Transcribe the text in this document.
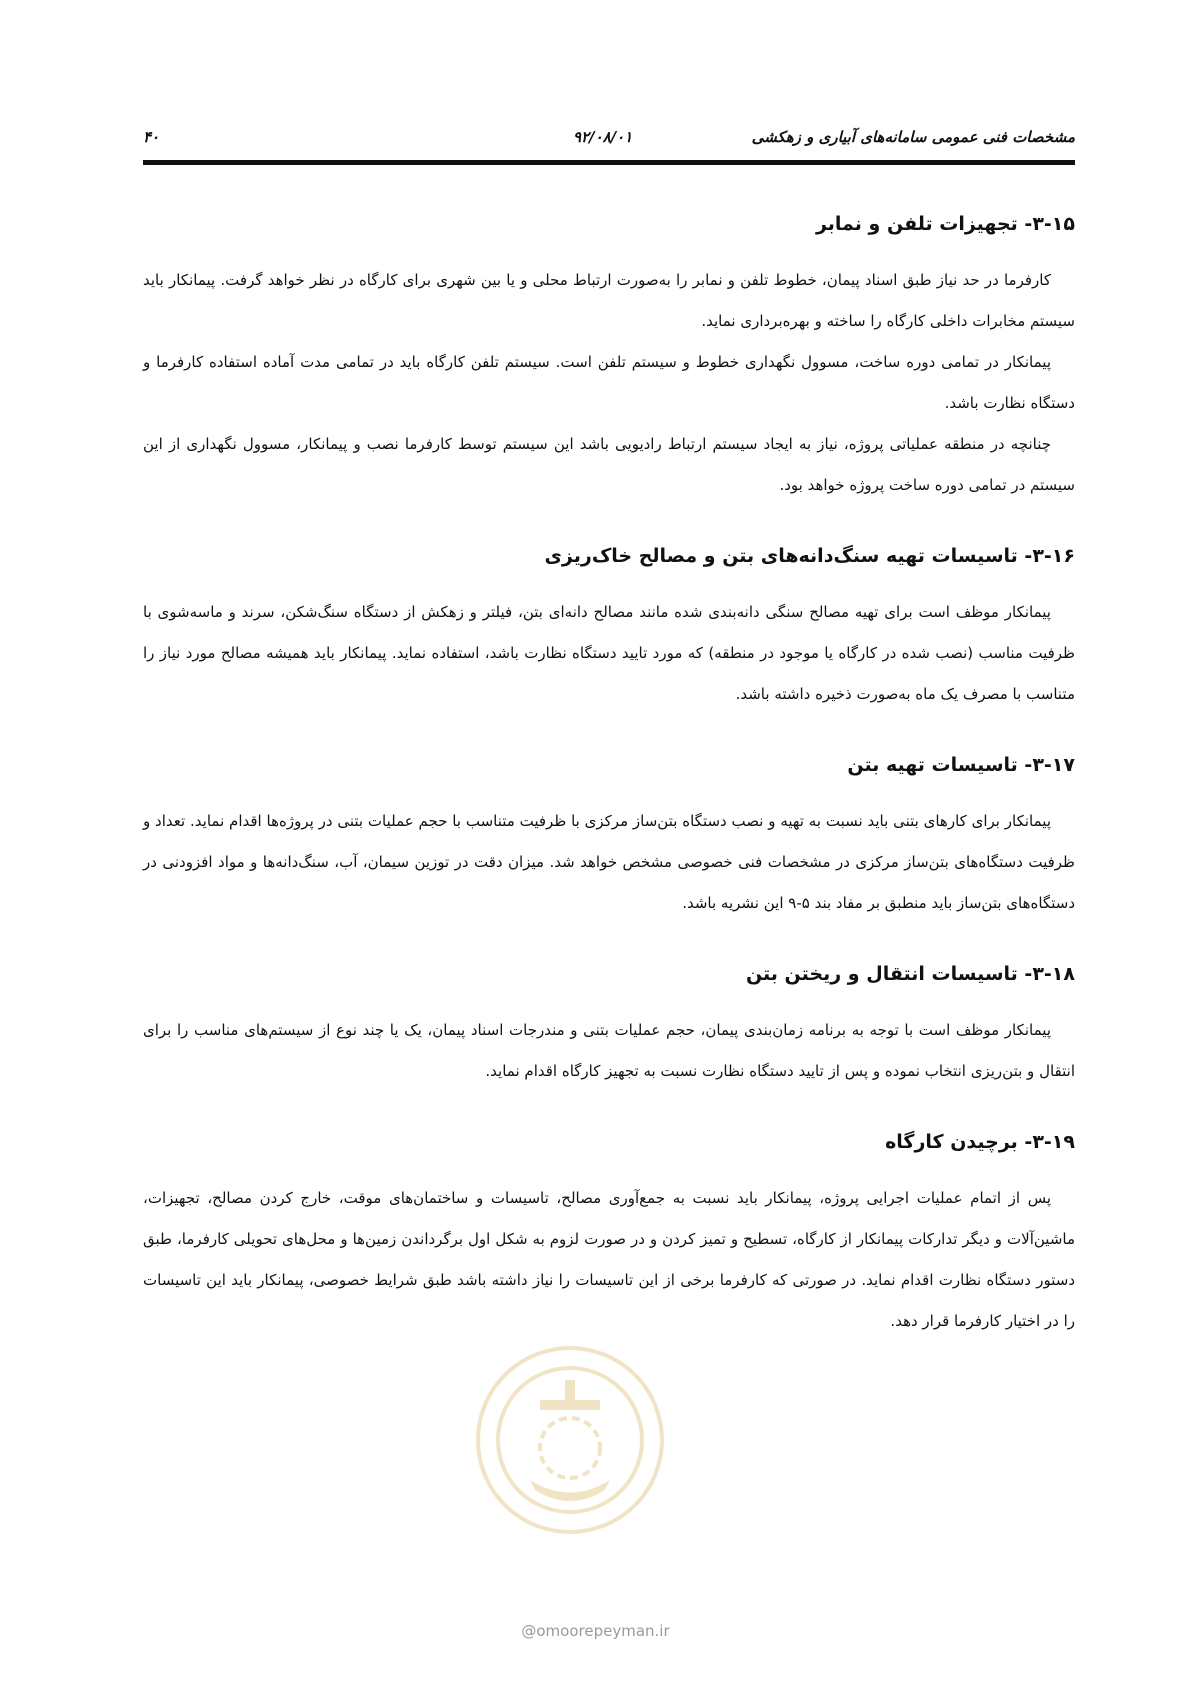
مشخصات فنی عمومی سامانه‌های آبیاری و زهکشی
۹۲/۰۸/۰۱
۴۰
۳-۱۵- تجهیزات تلفن و نمابر

کارفرما در حد نیاز طبق اسناد پیمان، خطوط تلفن و نمابر را به‌صورت ارتباط محلی و یا بین شهری برای کارگاه در نظر خواهد گرفت. پیمانکار باید سیستم مخابرات داخلی کارگاه را ساخته و بهره‌برداری نماید.

پیمانکار در تمامی دوره ساخت، مسوول نگهداری خطوط و سیستم تلفن است. سیستم تلفن کارگاه باید در تمامی مدت آماده استفاده کارفرما و دستگاه نظارت باشد.

چنانچه در منطقه عملیاتی پروژه، نیاز به ایجاد سیستم ارتباط رادیویی باشد این سیستم توسط کارفرما نصب و پیمانکار، مسوول نگهداری از این سیستم در تمامی دوره ساخت پروژه خواهد بود.

۳-۱۶- تاسیسات تهیه سنگ‌دانه‌های بتن و مصالح خاک‌ریزی

پیمانکار موظف است برای تهیه مصالح سنگی دانه‌بندی شده مانند مصالح دانه‌ای بتن، فیلتر و زهکش از دستگاه سنگ‌شکن، سرند و ماسه‌شوی با ظرفیت مناسب (نصب شده در کارگاه یا موجود در منطقه) که مورد تایید دستگاه نظارت باشد، استفاده نماید. پیمانکار باید همیشه مصالح مورد نیاز را متناسب با مصرف یک ماه به‌صورت ذخیره داشته باشد.

۳-۱۷- تاسیسات تهیه بتن

پیمانکار برای کارهای بتنی باید نسبت به تهیه و نصب دستگاه بتن‌ساز مرکزی با ظرفیت متناسب با حجم عملیات بتنی در پروژه‌ها اقدام نماید. تعداد و ظرفیت دستگاه‌های بتن‌ساز مرکزی در مشخصات فنی خصوصی مشخص خواهد شد. میزان دقت در توزین سیمان، آب، سنگ‌دانه‌ها و مواد افزودنی در دستگاه‌های بتن‌ساز باید منطبق بر مفاد بند ۵-۹ این نشریه باشد.

۳-۱۸- تاسیسات انتقال و ریختن بتن

پیمانکار موظف است با توجه به برنامه زمان‌بندی پیمان، حجم عملیات بتنی و مندرجات اسناد پیمان، یک یا چند نوع از سیستم‌های مناسب را برای انتقال و بتن‌ریزی انتخاب نموده و پس از تایید دستگاه نظارت نسبت به تجهیز کارگاه اقدام نماید.

۳-۱۹- برچیدن کارگاه

پس از اتمام عملیات اجرایی پروژه، پیمانکار باید نسبت به جمع‌آوری مصالح، تاسیسات و ساختمان‌های موقت، خارج کردن مصالح، تجهیزات، ماشین‌آلات و دیگر تدارکات پیمانکار از کارگاه، تسطیح و تمیز کردن و در صورت لزوم به شکل اول برگرداندن زمین‌ها و محل‌های تحویلی کارفرما، طبق دستور دستگاه نظارت اقدام نماید. در صورتی که کارفرما برخی از این تاسیسات را نیاز داشته باشد طبق شرایط خصوصی، پیمانکار باید این تاسیسات را در اختیار کارفرما قرار دهد.

@omoorepeyman.ir
